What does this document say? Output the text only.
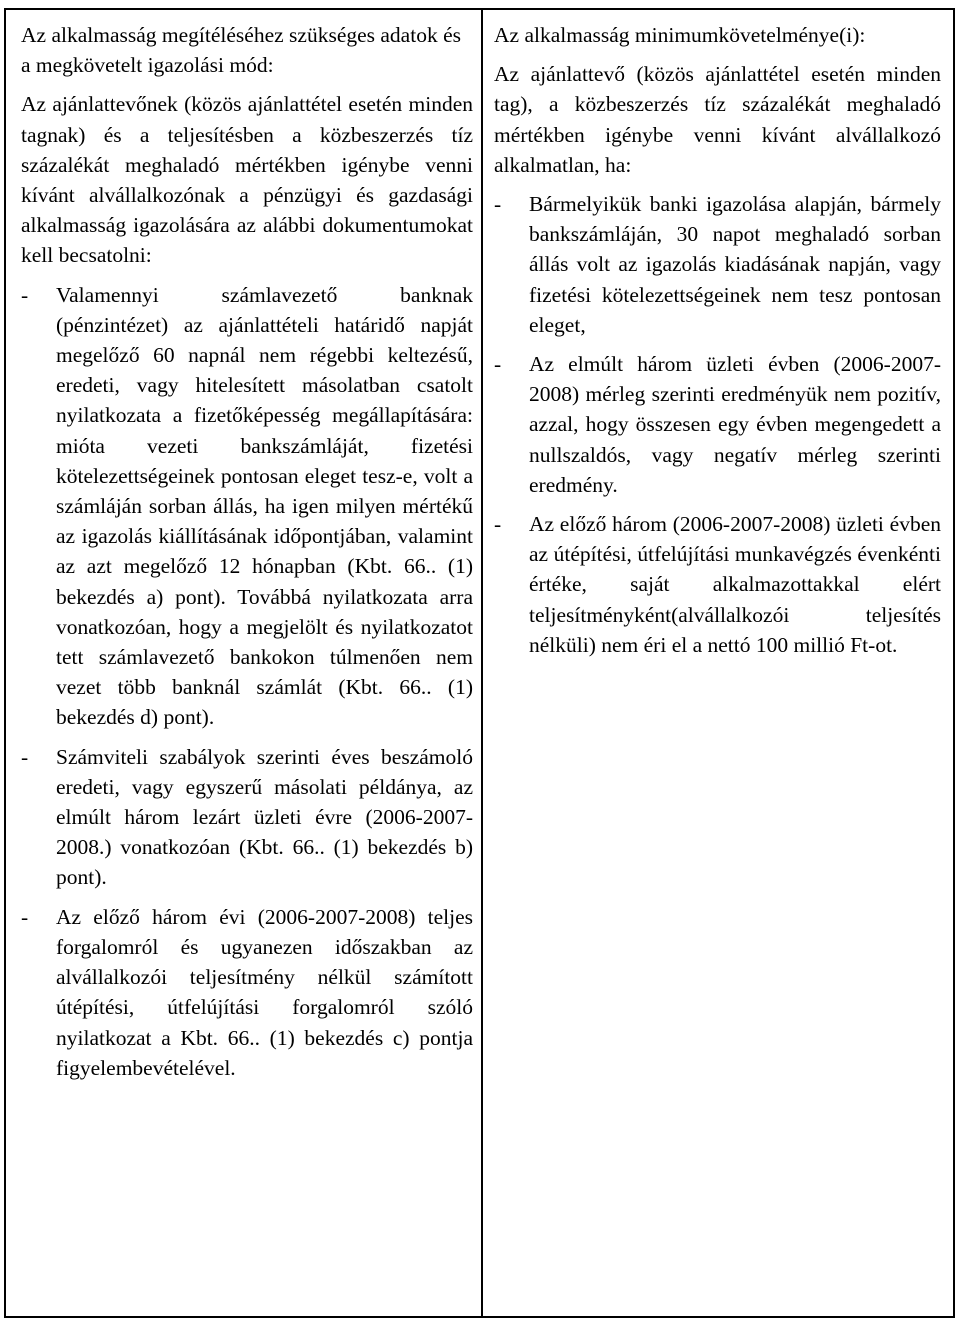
Az alkalmasság megítéléséhez szükséges adatok és a megkövetelt igazolási mód:

Az ajánlattevőnek (közös ajánlattétel esetén minden tagnak) és a teljesítésben a közbeszerzés tíz százalékát meghaladó mértékben igénybe venni kívánt alvállalkozónak a pénzügyi és gazdasági alkalmasság igazolására az alábbi dokumentumokat kell becsatolni:

-	Valamennyi számlavezető banknak (pénzintézet) az ajánlattételi határidő napját megelőző 60 napnál nem régebbi keltezésű, eredeti, vagy hitelesített másolatban csatolt nyilatkozata a fizetőképesség megállapítására: mióta vezeti bankszámláját, fizetési kötelezettségeinek pontosan eleget tesz-e, volt a számláján sorban állás, ha igen milyen mértékű az igazolás kiállításának időpontjában, valamint az azt megelőző 12 hónapban (Kbt. 66.. (1) bekezdés a) pont). Továbbá nyilatkozata arra vonatkozóan, hogy a megjelölt és nyilatkozatot tett számlavezető bankokon túlmenően nem vezet több banknál számlát (Kbt. 66.. (1) bekezdés d) pont).
-	Számviteli szabályok szerinti éves beszámoló eredeti, vagy egyszerű másolati példánya, az elmúlt három lezárt üzleti évre (2006-2007-2008.) vonatkozóan (Kbt. 66.. (1) bekezdés b) pont).
-	Az előző három évi (2006-2007-2008) teljes forgalomról és ugyanezen időszakban az alvállalkozói teljesítmény nélkül számított útépítési, útfelújítási forgalomról szóló nyilatkozat a Kbt. 66.. (1) bekezdés c) pontja figyelembevételével.

Az alkalmasság minimumkövetelménye(i):

Az ajánlattevő (közös ajánlattétel esetén minden tag), a közbeszerzés tíz százalékát meghaladó mértékben igénybe venni kívánt alvállalkozó alkalmatlan, ha:

-	Bármelyikük banki igazolása alapján, bármely bankszámláján, 30 napot meghaladó sorban állás volt az igazolás kiadásának napján, vagy fizetési kötelezettségeinek nem tesz pontosan eleget,
-	Az elmúlt három üzleti évben (2006-2007-2008) mérleg szerinti eredményük nem pozitív, azzal, hogy összesen egy évben megengedett a nullszaldós, vagy negatív mérleg szerinti eredmény.
-	Az előző három (2006-2007-2008) üzleti évben az útépítési, útfelújítási munkavégzés évenkénti értéke, saját alkalmazottakkal elért teljesítményként(alvállalkozói teljesítés nélküli) nem éri el a nettó 100 millió Ft-ot.
